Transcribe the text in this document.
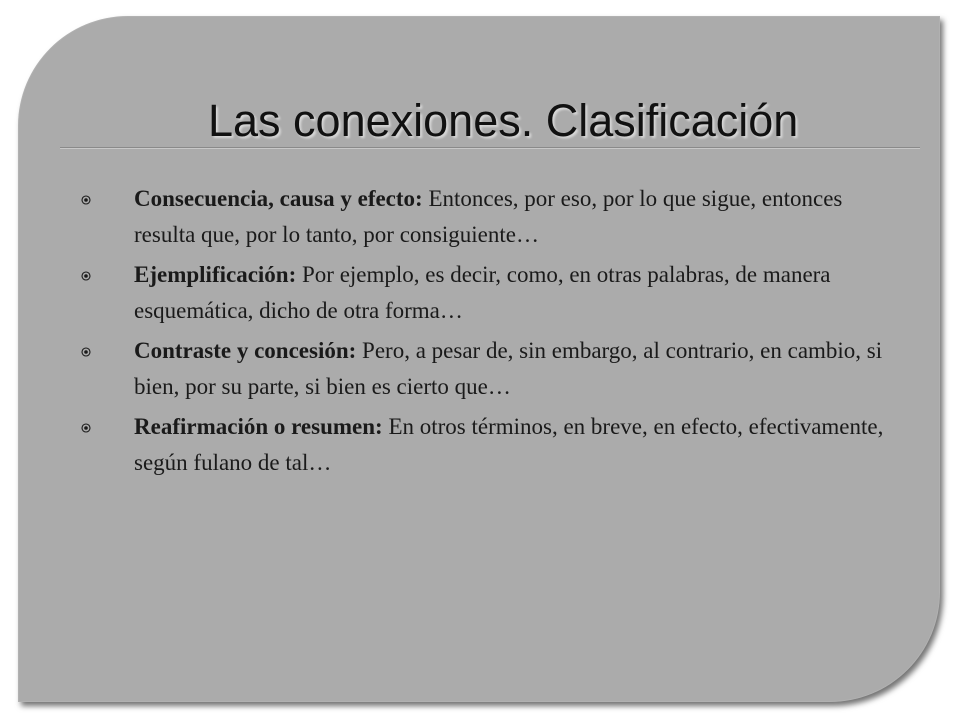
Las conexiones. Clasificación
Consecuencia, causa y efecto: Entonces, por eso, por lo que sigue, entonces resulta que, por lo tanto, por consiguiente…
Ejemplificación: Por ejemplo, es decir, como, en otras palabras, de manera esquemática, dicho de otra forma…
Contraste y concesión: Pero, a pesar de, sin embargo, al contrario, en cambio, si bien, por su parte, si bien es cierto que…
Reafirmación o resumen: En otros términos, en breve, en efecto, efectivamente, según fulano de tal…
